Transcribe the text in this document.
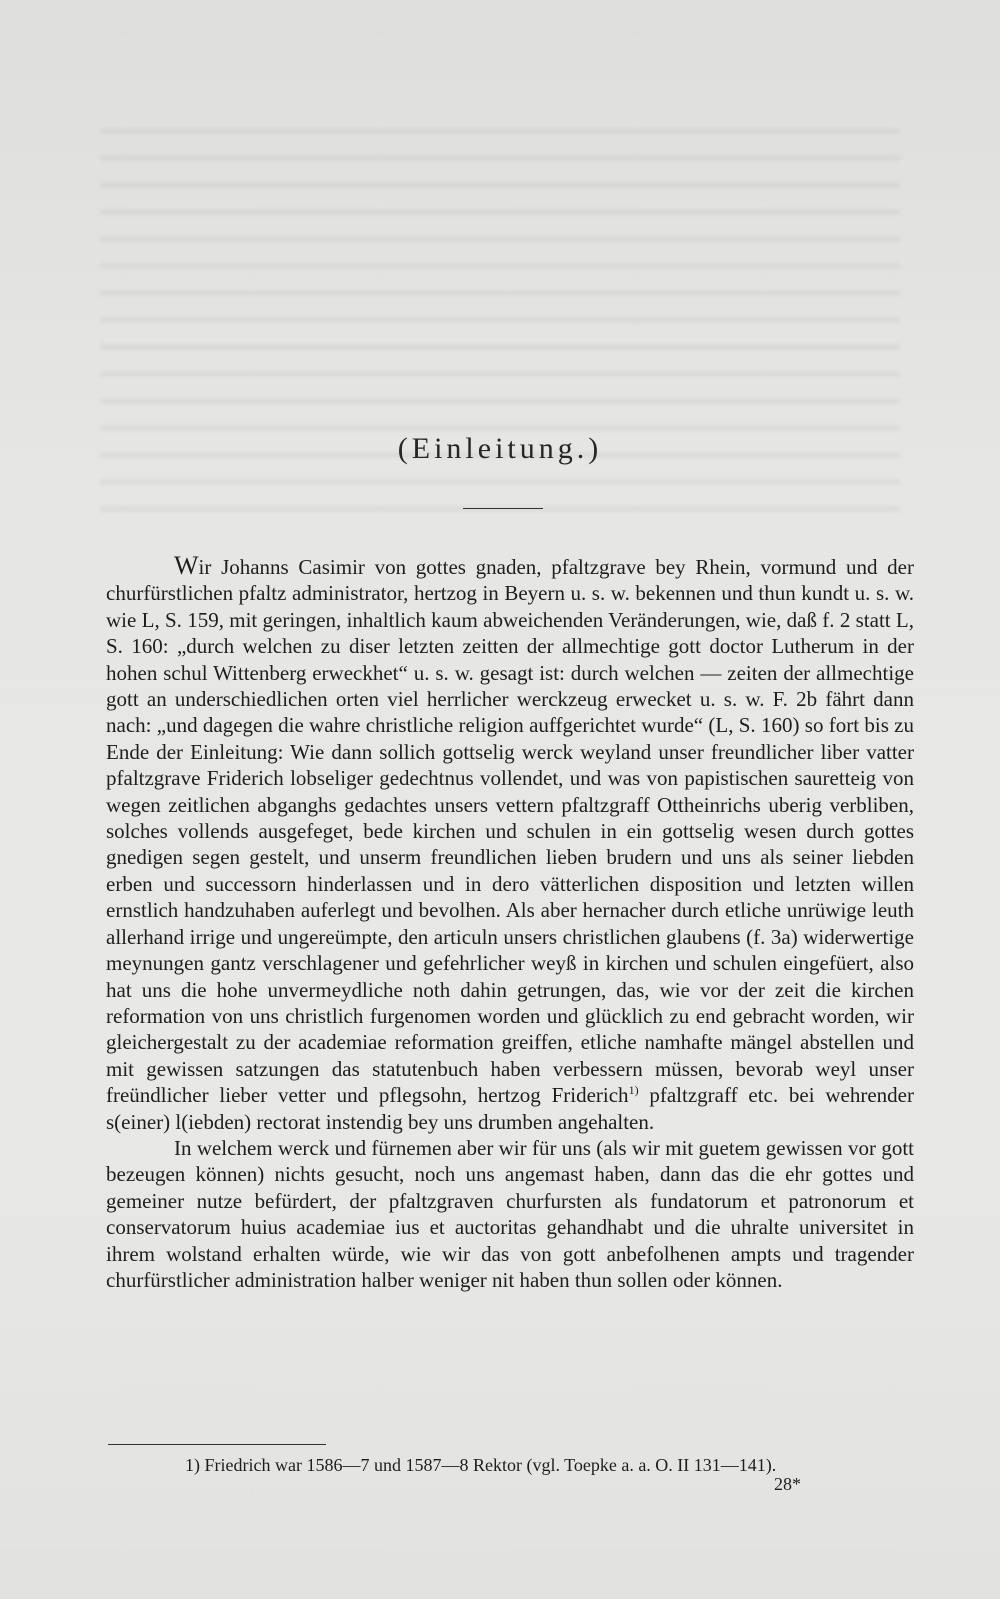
(Einleitung.)

Wir Johanns Casimir von gottes gnaden, pfaltzgrave bey Rhein, vormund und der churfürstlichen pfaltz administrator, hertzog in Beyern u. s. w. bekennen und thun kundt u. s. w. wie L, S. 159, mit geringen, inhaltlich kaum abweichenden Veränderungen, wie, daß f. 2 statt L, S. 160: „durch welchen zu diser letzten zeitten der allmechtige gott doctor Lutherum in der hohen schul Wittenberg erweckhet“ u. s. w. gesagt ist: durch welchen — zeiten der allmechtige gott an underschiedlichen orten viel herrlicher werckzeug erwecket u. s. w. F. 2b fährt dann nach: „und dagegen die wahre christliche religion auffgerichtet wurde“ (L, S. 160) so fort bis zu Ende der Einleitung: Wie dann sollich gottselig werck weyland unser freundlicher liber vatter pfaltzgrave Friderich lobseliger gedechtnus vollendet, und was von papistischen sauretteig von wegen zeitlichen abganghs gedachtes unsers vettern pfaltzgraff Ottheinrichs uberig verbliben, solches vollends ausgefeget, bede kirchen und schulen in ein gottselig wesen durch gottes gnedigen segen gestelt, und unserm freundlichen lieben brudern und uns als seiner liebden erben und successorn hinderlassen und in dero vätterlichen disposition und letzten willen ernstlich handzuhaben auferlegt und bevolhen. Als aber hernacher durch etliche unrüwige leuth allerhand irrige und ungereümpte, den articuln unsers christlichen glaubens (f. 3a) widerwertige meynungen gantz verschlagener und gefehrlicher weyß in kirchen und schulen eingefüert, also hat uns die hohe unvermeydliche noth dahin getrungen, das, wie vor der zeit die kirchen reformation von uns christlich furgenomen worden und glücklich zu end gebracht worden, wir gleichergestalt zu der academiae reformation greiffen, etliche namhafte mängel abstellen und mit gewissen satzungen das statutenbuch haben verbessern müssen, bevorab weyl unser freündlicher lieber vetter und pflegsohn, hertzog Friderich$^{1)}$ pfaltzgraff etc. bei wehrender s(einer) l(iebden) rectorat instendig bey uns drumben angehalten.

In welchem werck und fürnemen aber wir für uns (als wir mit guetem gewissen vor gott bezeugen können) nichts gesucht, noch uns angemast haben, dann das die ehr gottes und gemeiner nutze befürdert, der pfaltzgraven churfursten als fundatorum et patronorum et conservatorum huius academiae ius et auctoritas gehandhabt und die uhralte universitet in ihrem wolstand erhalten würde, wie wir das von gott anbefolhenen ampts und tragender churfürstlicher administration halber weniger nit haben thun sollen oder können.

1) Friedrich war 1586—7 und 1587—8 Rektor (vgl. Toepke a. a. O. II 131—141).
28*
